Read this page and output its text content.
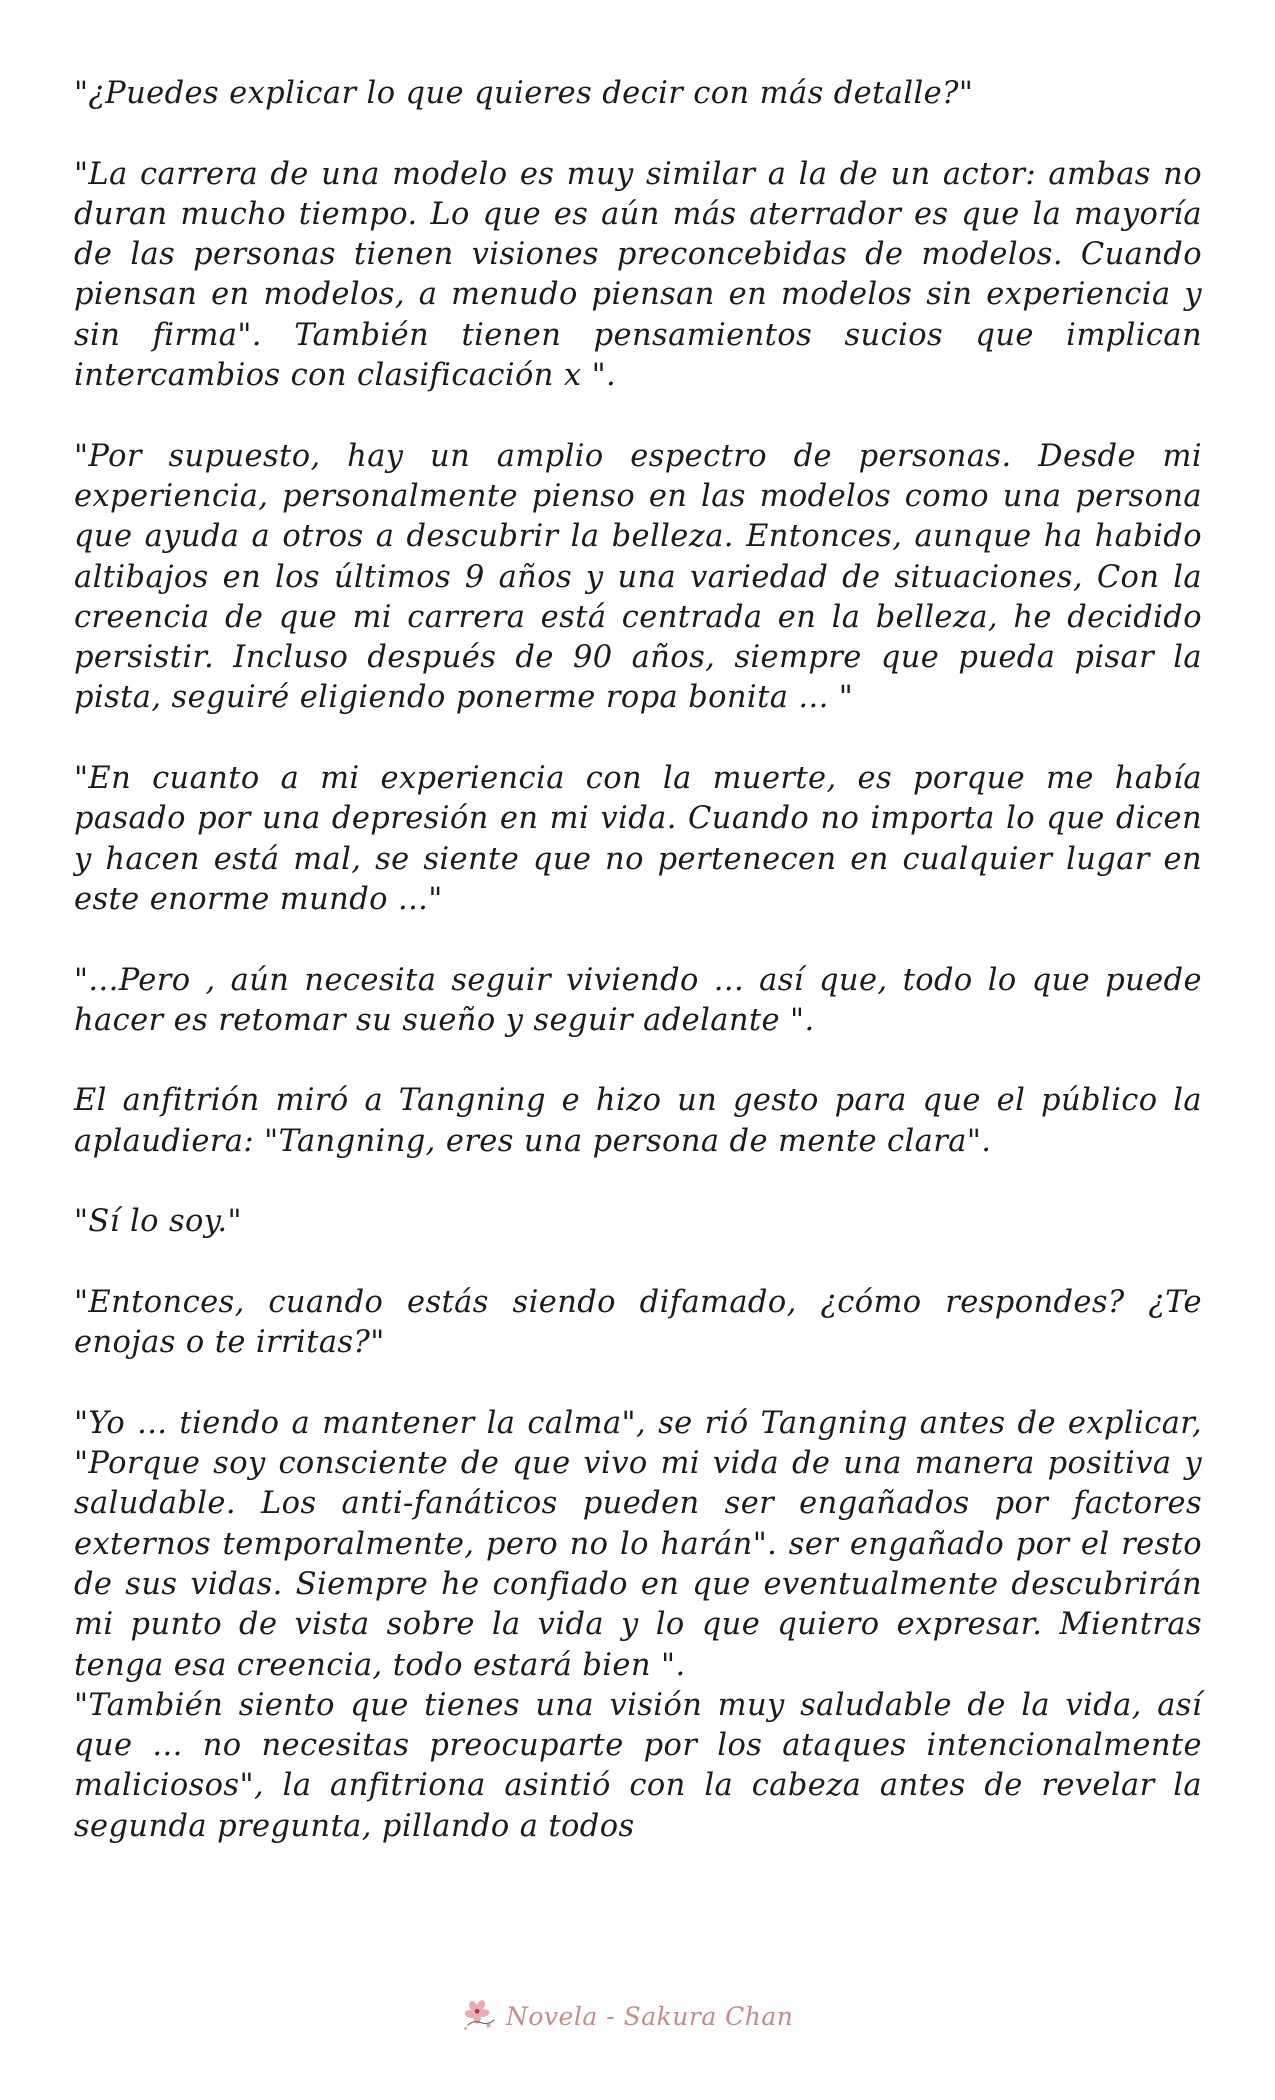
"¿Puedes explicar lo que quieres decir con más detalle?"

"La carrera de una modelo es muy similar a la de un actor: ambas no duran mucho tiempo. Lo que es aún más aterrador es que la mayoría de las personas tienen visiones preconcebidas de modelos. Cuando piensan en modelos, a menudo piensan en modelos sin experiencia y sin firma". También tienen pensamientos sucios que implican intercambios con clasificación x ".

"Por supuesto, hay un amplio espectro de personas. Desde mi experiencia, personalmente pienso en las modelos como una persona que ayuda a otros a descubrir la belleza. Entonces, aunque ha habido altibajos en los últimos 9 años y una variedad de situaciones, Con la creencia de que mi carrera está centrada en la belleza, he decidido persistir. Incluso después de 90 años, siempre que pueda pisar la pista, seguiré eligiendo ponerme ropa bonita ... "

"En cuanto a mi experiencia con la muerte, es porque me había pasado por una depresión en mi vida. Cuando no importa lo que dicen y hacen está mal, se siente que no pertenecen en cualquier lugar en este enorme mundo ..."

"...Pero , aún necesita seguir viviendo ... así que, todo lo que puede hacer es retomar su sueño y seguir adelante ".

El anfitrión miró a Tangning e hizo un gesto para que el público la aplaudiera: "Tangning, eres una persona de mente clara".

"Sí lo soy."

"Entonces, cuando estás siendo difamado, ¿cómo respondes? ¿Te enojas o te irritas?"

"Yo ... tiendo a mantener la calma", se rió Tangning antes de explicar, "Porque soy consciente de que vivo mi vida de una manera positiva y saludable. Los anti-fanáticos pueden ser engañados por factores externos temporalmente, pero no lo harán". ser engañado por el resto de sus vidas. Siempre he confiado en que eventualmente descubrirán mi punto de vista sobre la vida y lo que quiero expresar. Mientras tenga esa creencia, todo estará bien ".

"También siento que tienes una visión muy saludable de la vida, así que ... no necesitas preocuparte por los ataques intencionalmente maliciosos", la anfitriona asintió con la cabeza antes de revelar la segunda pregunta, pillando a todos

Novela - Sakura Chan
